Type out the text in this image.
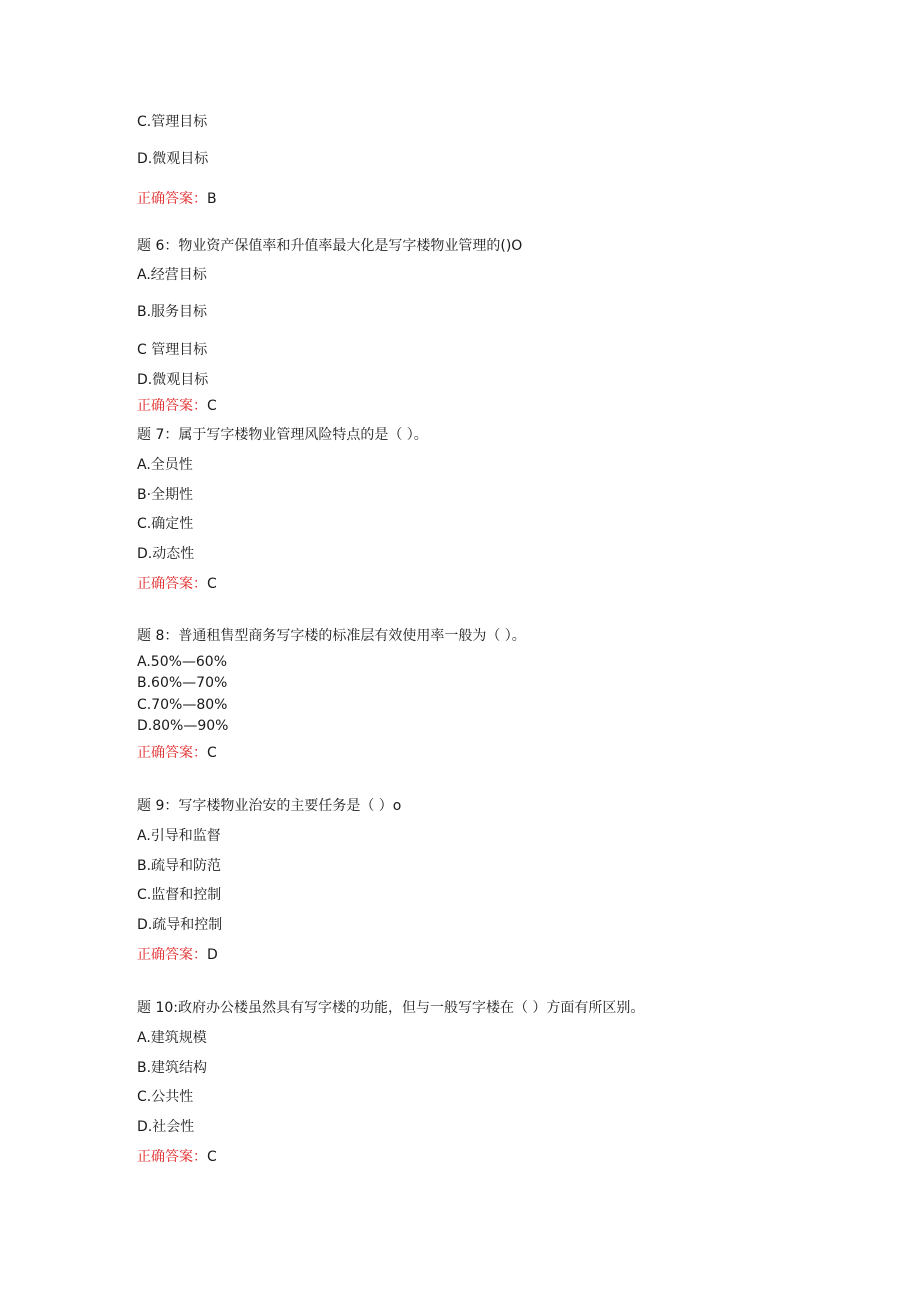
C.管理目标
D.微观目标
正确答案：B
题 6：物业资产保值率和升值率最大化是写字楼物业管理的()O
A.经营目标
B.服务目标
C 管理目标
D.微观目标
正确答案：C
题 7：属于写字楼物业管理风险特点的是（ ）。
A.全员性
B·全期性
C.确定性
D.动态性
正确答案：C
题 8：普通租售型商务写字楼的标准层有效使用率一般为（ ）。
A.50%—60%
B.60%—70%
C.70%—80%
D.80%—90%
正确答案：C
题 9：写字楼物业治安的主要任务是（ ）o
A.引导和监督
B.疏导和防范
C.监督和控制
D.疏导和控制
正确答案：D
题 10:政府办公楼虽然具有写字楼的功能，但与一般写字楼在（ ）方面有所区别。
A.建筑规模
B.建筑结构
C.公共性
D.社会性
正确答案：C
